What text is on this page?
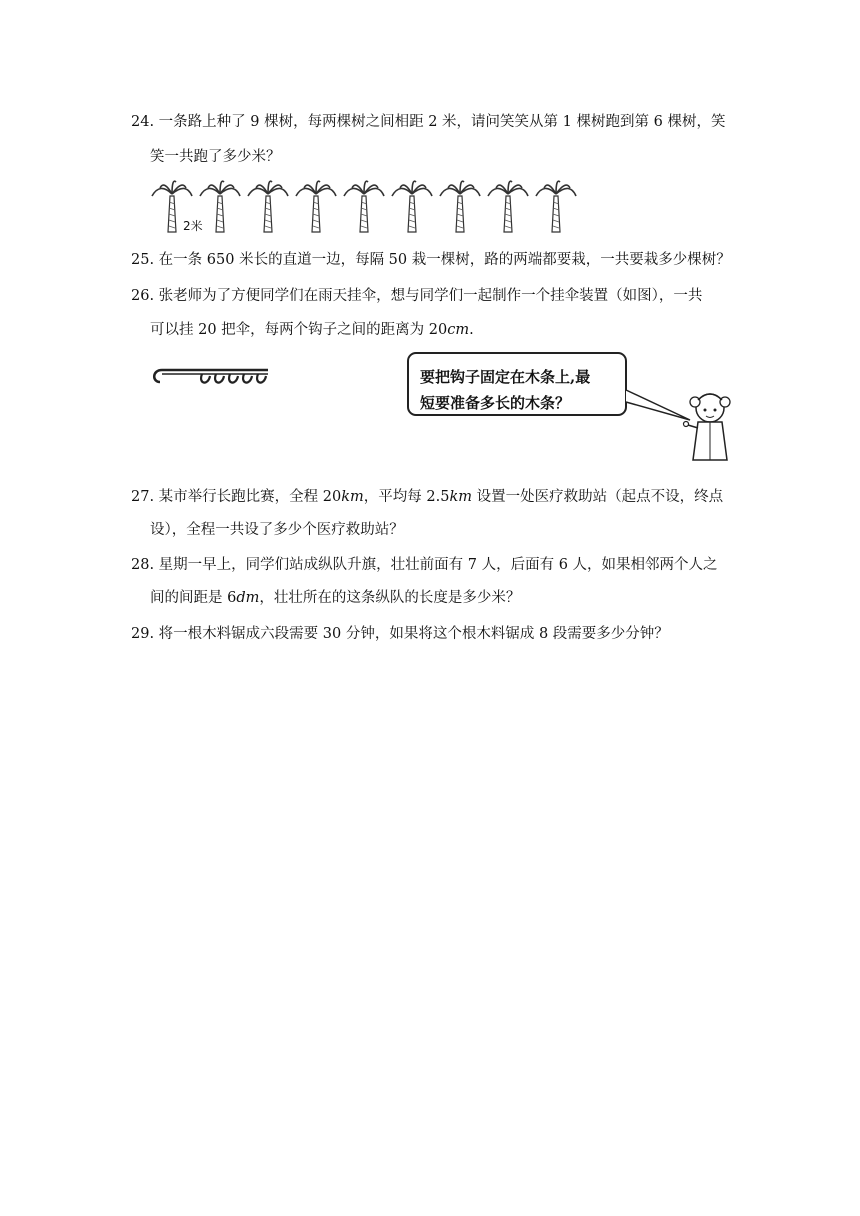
24. 一条路上种了 9 棵树，每两棵树之间相距 2 米，请问笑笑从第 1 棵树跑到第 6 棵树，笑
笑一共跑了多少米？
2米
25. 在一条 650 米长的直道一边，每隔 50 栽一棵树，路的两端都要栽，一共要栽多少棵树？
26. 张老师为了方便同学们在雨天挂伞，想与同学们一起制作一个挂伞装置（如图），一共
可以挂 20 把伞，每两个钩子之间的距离为 20cm.
要把钩子固定在木条上,最
短要准备多长的木条？
27. 某市举行长跑比赛，全程 20km，平均每 2.5km 设置一处医疗救助站（起点不设，终点
设），全程一共设了多少个医疗救助站？
28. 星期一早上，同学们站成纵队升旗，壮壮前面有 7 人，后面有 6 人，如果相邻两个人之
间的间距是 6dm，壮壮所在的这条纵队的长度是多少米？
29. 将一根木料锯成六段需要 30 分钟，如果将这个根木料锯成 8 段需要多少分钟？
